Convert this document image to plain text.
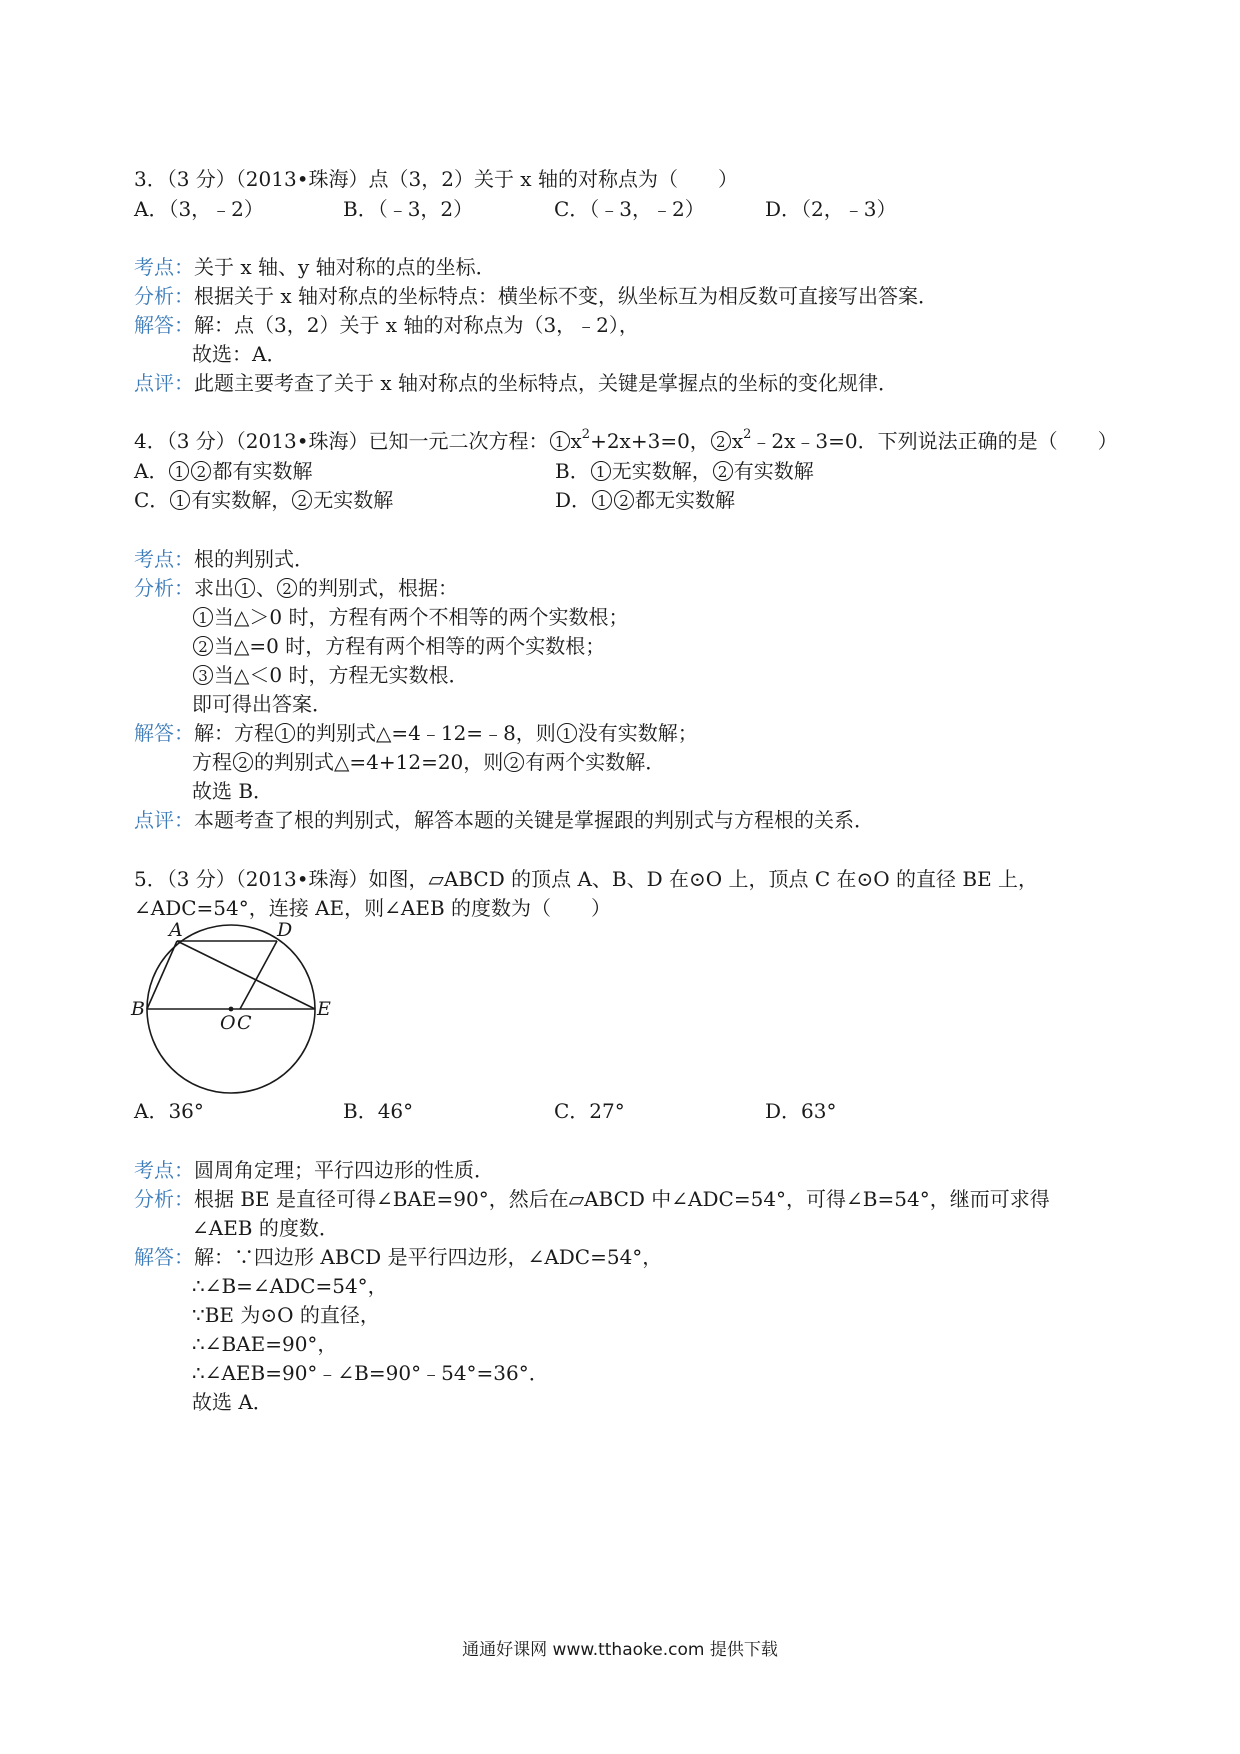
3．（3 分）（2013•珠海）点（3，2）关于 x 轴的对称点为（　　）
A．（3，﹣2）	B．（﹣3，2）	C．（﹣3，﹣2）	D．（2，﹣3）
考点：关于 x 轴、y 轴对称的点的坐标．
分析：根据关于 x 轴对称点的坐标特点：横坐标不变，纵坐标互为相反数可直接写出答案．
解答：解：点（3，2）关于 x 轴的对称点为（3，﹣2），
故选：A．
点评：此题主要考查了关于 x 轴对称点的坐标特点，关键是掌握点的坐标的变化规律．
4．（3 分）（2013•珠海）已知一元二次方程： 1 $x^2+2x+3=0$， 2 $x^2﹣2x﹣3=0$．下列说法正确的是（　　）
A． 1 2 都有实数解	B． 1 无实数解， 2 有实数解
C． 1 有实数解， 2 无实数解	D． 1 2 都无实数解
考点：根的判别式．
分析：求出 1 、 2 的判别式，根据：
1 当△＞0 时，方程有两个不相等的两个实数根；
2 当△=0 时，方程有两个相等的两个实数根；
3 当△＜0 时，方程无实数根．
即可得出答案．
解答：解：方程 1 的判别式△=4﹣12=﹣8，则 1 没有实数解；
方程 2 的判别式△=4+12=20，则 2 有两个实数解．
故选 B．
点评：本题考查了根的判别式，解答本题的关键是掌握跟的判别式与方程根的关系．
5．（3 分）（2013•珠海）如图，▱ABCD 的顶点 A、B、D 在⊙O 上，顶点 C 在⊙O 的直径 BE 上，
∠ADC=54°，连接 AE，则∠AEB 的度数为（　　）
A	D
B
O C
E
A．36°	B．46°	C．27°	D．63°
考点：圆周角定理；平行四边形的性质．
分析：根据 BE 是直径可得∠BAE=90°，然后在▱ABCD 中∠ADC=54°，可得∠B=54°，继而可求得
∠AEB 的度数．
解答：解：∵四边形 ABCD 是平行四边形，∠ADC=54°，
∴∠B=∠ADC=54°，
∵BE 为⊙O 的直径，
∴∠BAE=90°，
∴∠AEB=90°﹣∠B=90°﹣54°=36°．
故选 A．
通通好课网 www.tthaoke.com 提供下载
